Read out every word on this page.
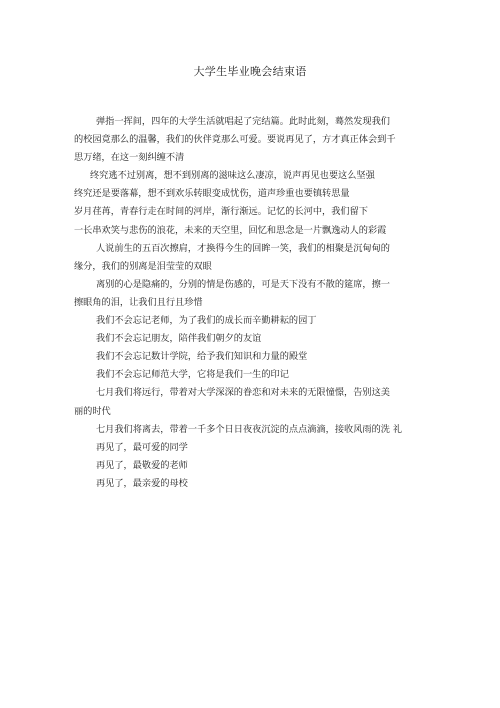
大学生毕业晚会结束语
弹指一挥间，四年的大学生活就唱起了完结篇。此时此刻，蓦然发现我们
的校园竟那么的温馨，我们的伙伴竟那么可爱。要说再见了，方才真正体会到千
思万绪，在这一刻纠缠不清
终究逃不过别离，想不到别离的滋味这么凄凉，说声再见也要这么坚强
终究还是要落幕，想不到欢乐转眼变成忧伤，道声珍重也要镇转思量
岁月荏苒，青春行走在时间的河岸，渐行渐远。记忆的长河中，我们留下
一长串欢笑与悲伤的浪花，未来的天空里，回忆和思念是一片飘逸动人的彩霞
人说前生的五百次擦肩，才换得今生的回眸一笑，我们的相聚是沉甸甸的
缘分，我们的别离是泪莹莹的双眼
离别的心是隐痛的，分别的情是伤感的，可是天下没有不散的筵席，擦一
擦眼角的泪，让我们且行且珍惜
我们不会忘记老师，为了我们的成长而辛勤耕耘的园丁
我们不会忘记朋友，陪伴我们朝夕的友谊
我们不会忘记数计学院，给予我们知识和力量的殿堂
我们不会忘记师范大学，它将是我们一生的印记
七月我们将远行，带着对大学深深的眷恋和对未来的无限憧憬，告别这美
丽的时代
七月我们将离去，带着一千多个日日夜夜沉淀的点点滴滴，接收风雨的洗 礼
再见了，最可爱的同学
再见了，最敬爱的老师
再见了，最亲爱的母校
